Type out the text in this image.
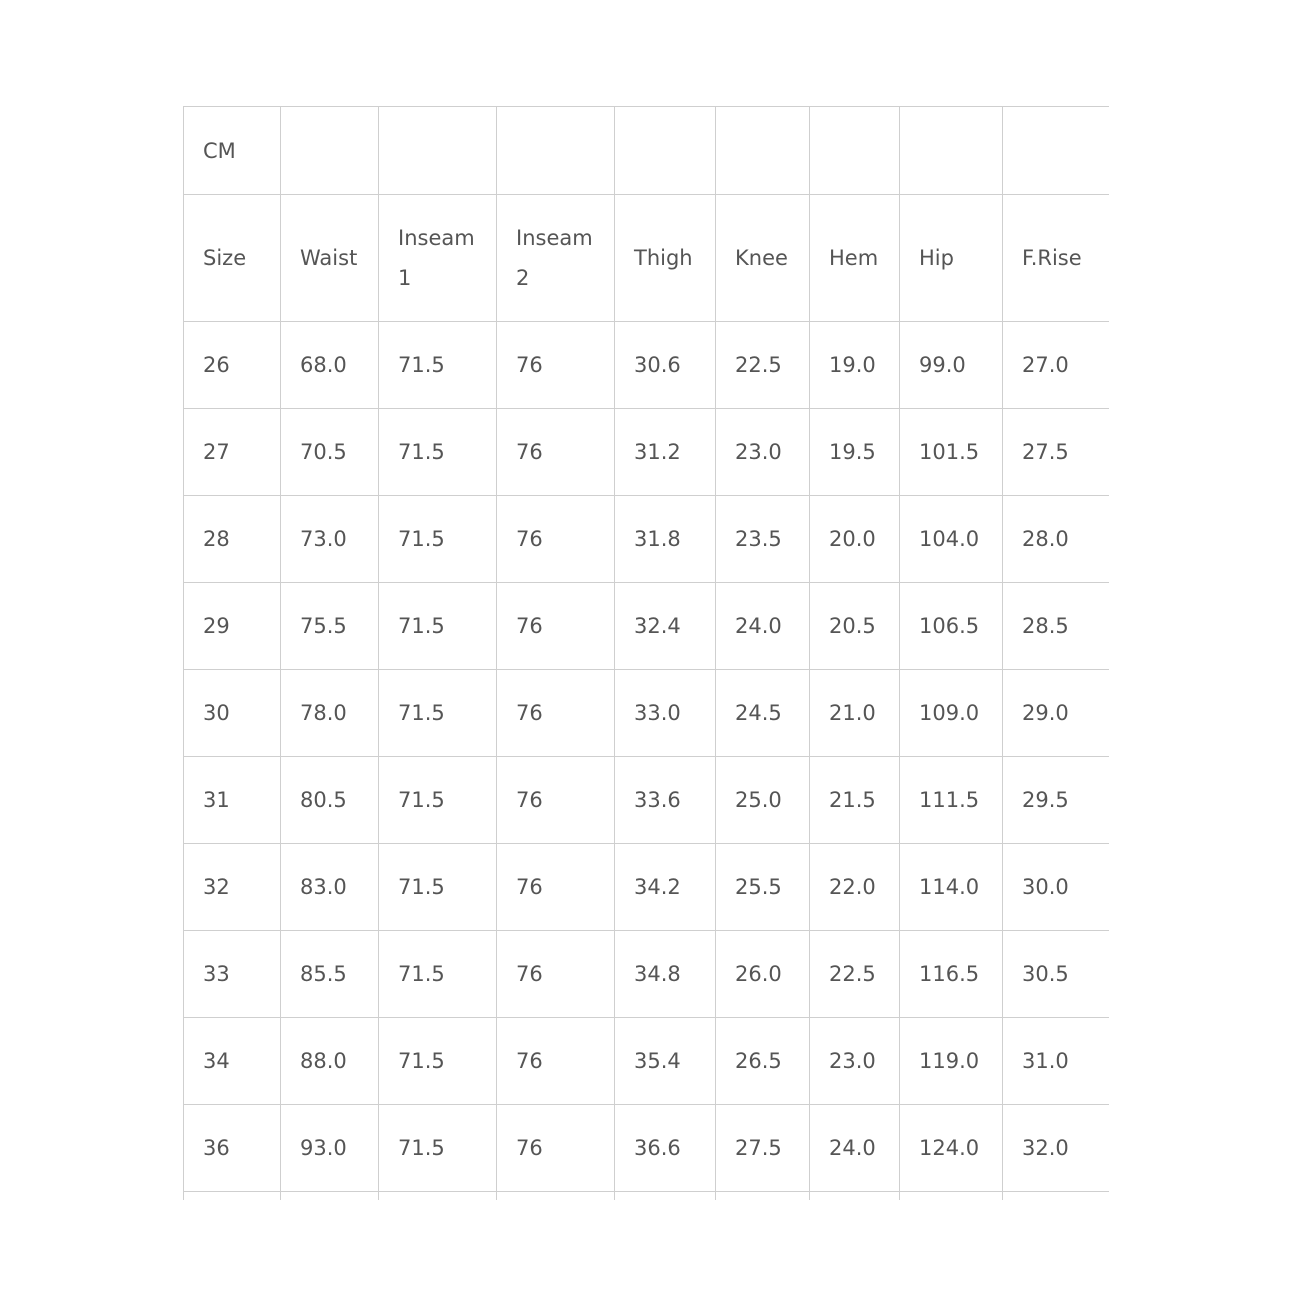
CM								

Size	Waist	Inseam 1	Inseam 2	Thigh	Knee	Hem	Hip	F.Rise

26	68.0	71.5	76	30.6	22.5	19.0	99.0	27.0

27	70.5	71.5	76	31.2	23.0	19.5	101.5	27.5

28	73.0	71.5	76	31.8	23.5	20.0	104.0	28.0

29	75.5	71.5	76	32.4	24.0	20.5	106.5	28.5

30	78.0	71.5	76	33.0	24.5	21.0	109.0	29.0

31	80.5	71.5	76	33.6	25.0	21.5	111.5	29.5

32	83.0	71.5	76	34.2	25.5	22.0	114.0	30.0

33	85.5	71.5	76	34.8	26.0	22.5	116.5	30.5

34	88.0	71.5	76	35.4	26.5	23.0	119.0	31.0

36	93.0	71.5	76	36.6	27.5	24.0	124.0	32.0
